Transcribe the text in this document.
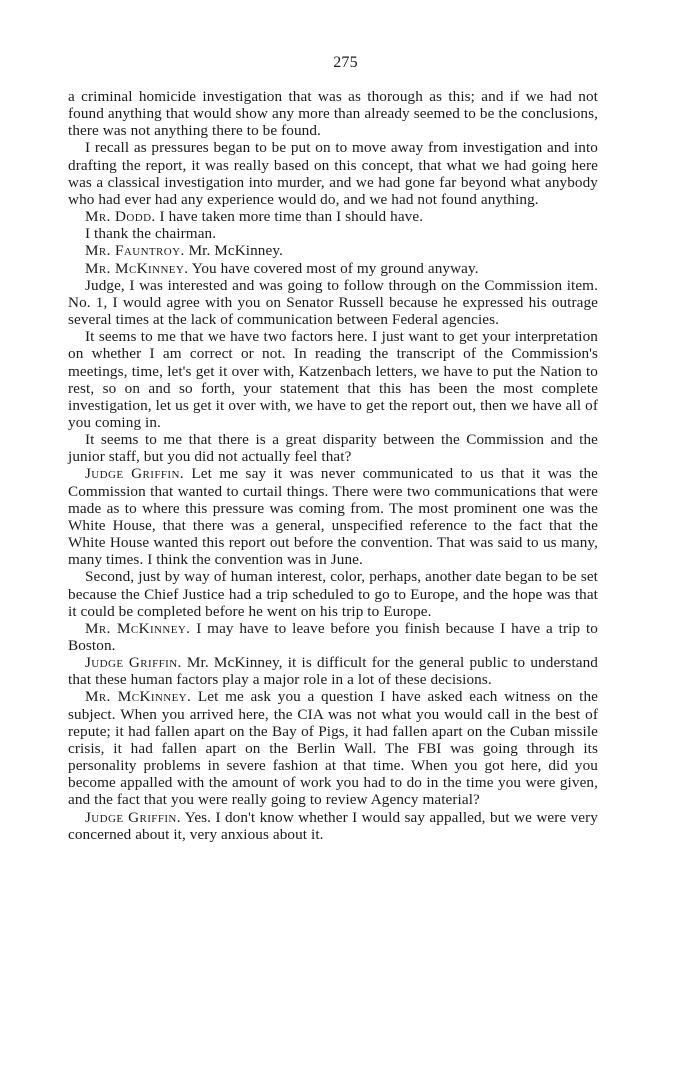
275

a criminal homicide investigation that was as thorough as this; and if we had not found anything that would show any more than already seemed to be the conclusions, there was not anything there to be found.

I recall as pressures began to be put on to move away from investigation and into drafting the report, it was really based on this concept, that what we had going here was a classical investigation into murder, and we had gone far beyond what anybody who had ever had any experience would do, and we had not found anything.

Mr. Dodd. I have taken more time than I should have.

I thank the chairman.

Mr. Fauntroy. Mr. McKinney.

Mr. McKinney. You have covered most of my ground anyway.

Judge, I was interested and was going to follow through on the Commission item. No. 1, I would agree with you on Senator Russell because he expressed his outrage several times at the lack of communication between Federal agencies.

It seems to me that we have two factors here. I just want to get your interpretation on whether I am correct or not. In reading the transcript of the Commission's meetings, time, let's get it over with, Katzenbach letters, we have to put the Nation to rest, so on and so forth, your statement that this has been the most complete investigation, let us get it over with, we have to get the report out, then we have all of you coming in.

It seems to me that there is a great disparity between the Commission and the junior staff, but you did not actually feel that?

Judge Griffin. Let me say it was never communicated to us that it was the Commission that wanted to curtail things. There were two communications that were made as to where this pressure was coming from. The most prominent one was the White House, that there was a general, unspecified reference to the fact that the White House wanted this report out before the convention. That was said to us many, many times. I think the convention was in June.

Second, just by way of human interest, color, perhaps, another date began to be set because the Chief Justice had a trip scheduled to go to Europe, and the hope was that it could be completed before he went on his trip to Europe.

Mr. McKinney. I may have to leave before you finish because I have a trip to Boston.

Judge Griffin. Mr. McKinney, it is difficult for the general public to understand that these human factors play a major role in a lot of these decisions.

Mr. McKinney. Let me ask you a question I have asked each witness on the subject. When you arrived here, the CIA was not what you would call in the best of repute; it had fallen apart on the Bay of Pigs, it had fallen apart on the Cuban missile crisis, it had fallen apart on the Berlin Wall. The FBI was going through its personality problems in severe fashion at that time. When you got here, did you become appalled with the amount of work you had to do in the time you were given, and the fact that you were really going to review Agency material?

Judge Griffin. Yes. I don't know whether I would say appalled, but we were very concerned about it, very anxious about it.
